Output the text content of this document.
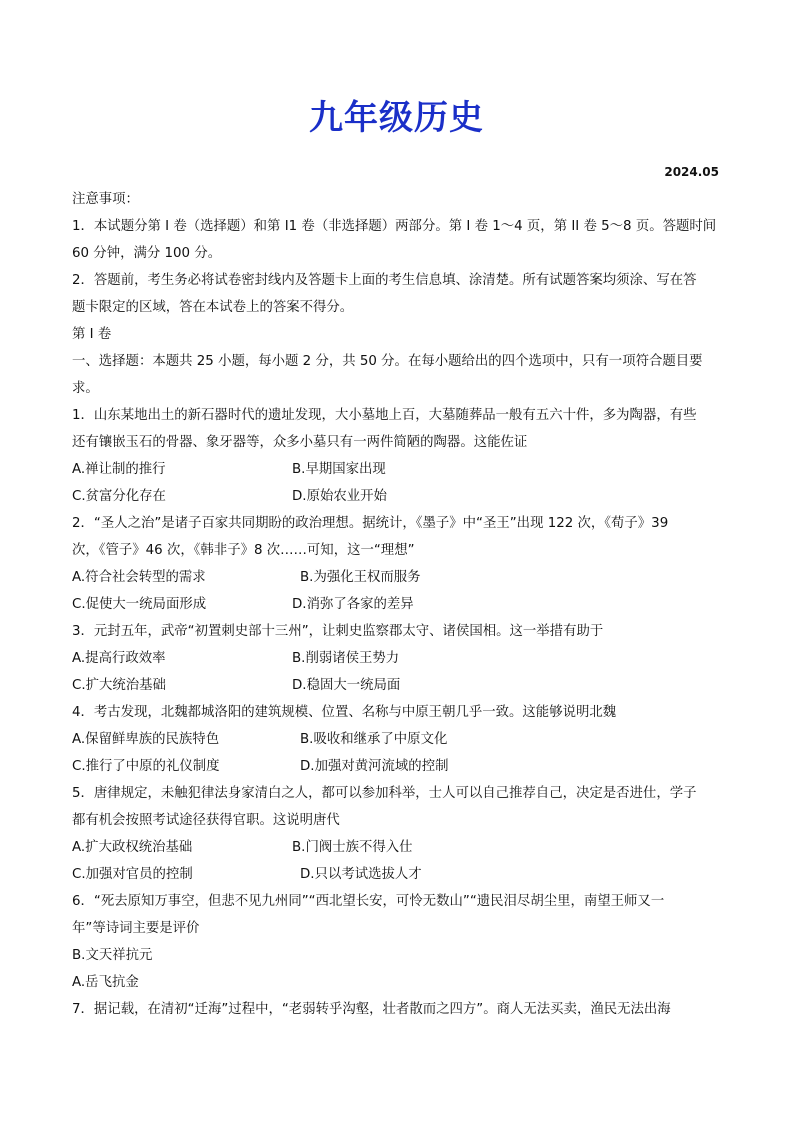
九年级历史
2024.05
注意事项：
1．本试题分第 I 卷（选择题）和第 I1 卷（非选择题）两部分。第 I 卷 1～4 页，第 II 卷 5～8 页。答题时间
60 分钟，满分 100 分。
2．答题前，考生务必将试卷密封线内及答题卡上面的考生信息填、涂清楚。所有试题答案均须涂、写在答
题卡限定的区域，答在本试卷上的答案不得分。
第 I 卷
一、选择题：本题共 25 小题，每小题 2 分，共 50 分。在每小题给出的四个选项中，只有一项符合题目要
求。
1．山东某地出土的新石器时代的遗址发现，大小墓地上百，大墓随葬品一般有五六十件，多为陶器，有些
还有镶嵌玉石的骨器、象牙器等，众多小墓只有一两件简陋的陶器。这能佐证
A.禅让制的推行	B.早期国家出现
C.贫富分化存在	D.原始农业开始
2．“圣人之治”是诸子百家共同期盼的政治理想。据统计，《墨子》中“圣王”出现 122 次，《荀子》39
次，《管子》46 次，《韩非子》8 次……可知，这一“理想”
A.符合社会转型的需求	B.为强化王权而服务
C.促使大一统局面形成	D.消弥了各家的差异
3．元封五年，武帝“初置刺史部十三州”，让刺史监察郡太守、诸侯国相。这一举措有助于
A.提高行政效率	B.削弱诸侯王势力
C.扩大统治基础	D.稳固大一统局面
4．考古发现，北魏都城洛阳的建筑规模、位置、名称与中原王朝几乎一致。这能够说明北魏
A.保留鲜卑族的民族特色	B.吸收和继承了中原文化
C.推行了中原的礼仪制度	D.加强对黄河流域的控制
5．唐律规定，未触犯律法身家清白之人，都可以参加科举，士人可以自己推荐自己，决定是否进仕，学子
都有机会按照考试途径获得官职。这说明唐代
A.扩大政权统治基础	B.门阀士族不得入仕
C.加强对官员的控制	D.只以考试选拔人才
6．“死去原知万事空，但悲不见九州同”“西北望长安，可怜无数山”“遗民泪尽胡尘里，南望王师又一
年”等诗词主要是评价
B.文天祥抗元
A.岳飞抗金
7．据记载，在清初“迁海”过程中，“老弱转乎沟壑，壮者散而之四方”。商人无法买卖，渔民无法出海
